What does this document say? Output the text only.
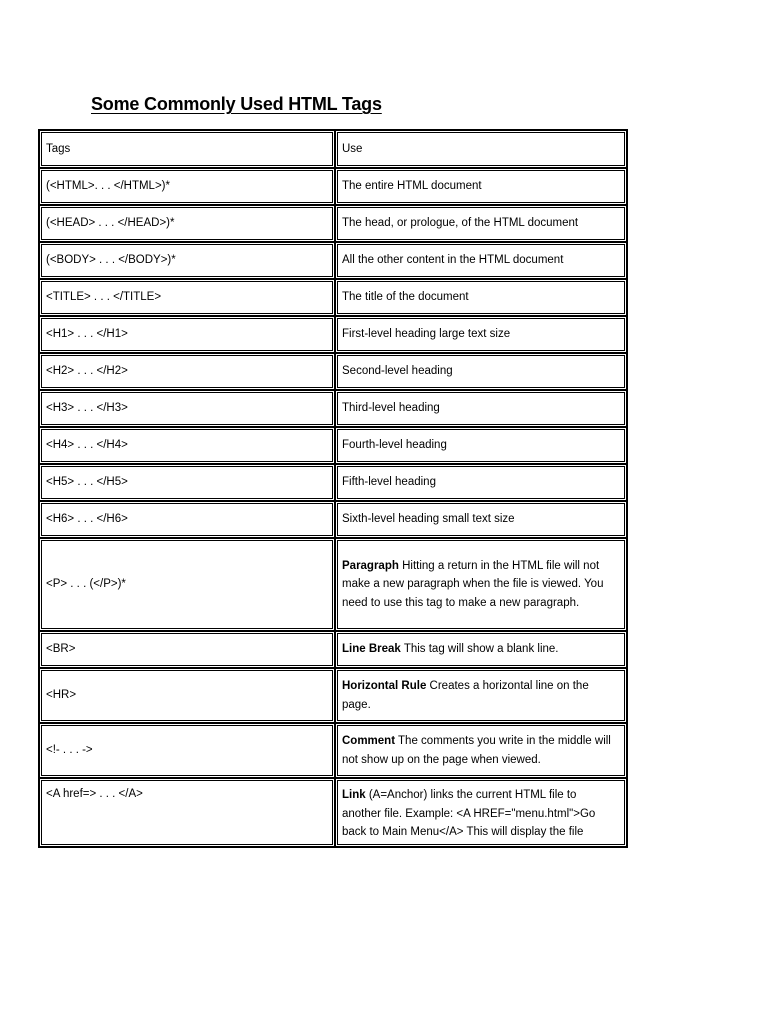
Some Commonly Used HTML Tags
Tags	Use
(<HTML>. . . </HTML>)*	The entire HTML document
(<HEAD> . . . </HEAD>)*	The head, or prologue, of the HTML document
(<BODY> . . . </BODY>)*	All the other content in the HTML document
<TITLE> . . . </TITLE>	The title of the document
<H1> . . . </H1>	First-level heading large text size
<H2> . . . </H2>	Second-level heading
<H3> . . . </H3>	Third-level heading
<H4> . . . </H4>	Fourth-level heading
<H5> . . . </H5>	Fifth-level heading
<H6> . . . </H6>	Sixth-level heading small text size
<P> . . . (</P>)*	Paragraph Hitting a return in the HTML file will not make a new paragraph when the file is viewed. You need to use this tag to make a new paragraph.
<BR>	Line Break This tag will show a blank line.
<HR>	Horizontal Rule Creates a horizontal line on the page.
<!- . . . ->	Comment The comments you write in the middle will not show up on the page when viewed.
<A href=> . . . </A>	Link (A=Anchor) links the current HTML file to another file. Example: <A HREF="menu.html">Go back to Main Menu</A> This will display the file
